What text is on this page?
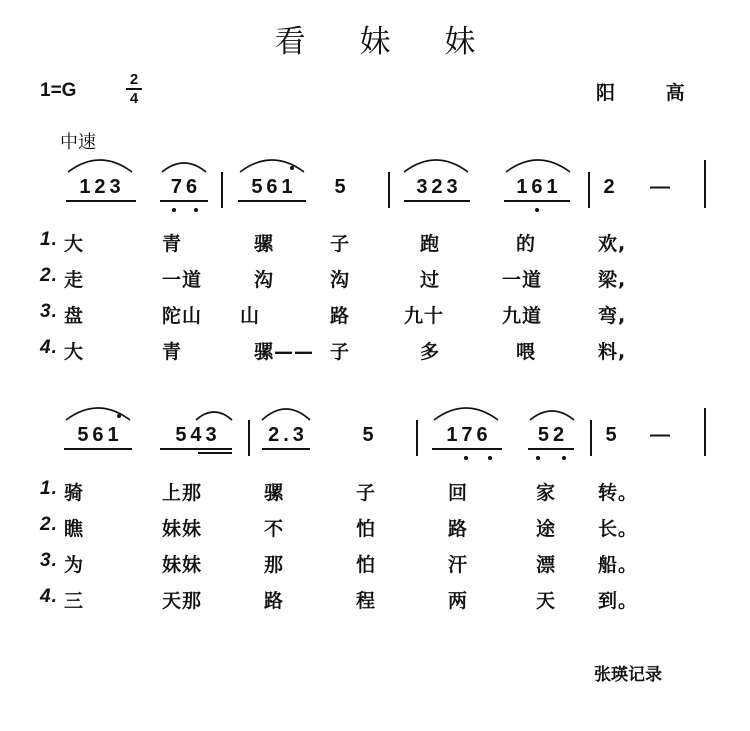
看 妹 妹
1=G
2
4	阳 高
中速
123	76	561	5	323	161	2 —
561	543	2.3	5	176	52	5 —
1. 大	青	骡	子	跑	的	欢,
2. 走	一道	沟	沟	过	一道	梁,
3. 盘	陀山 山	路	九十	九道	弯,
4. 大	青	骡—— 子	多	喂	料,
1. 骑	上那	骡	子	回	家 转。
2. 瞧	妹妹	不	怕	路	途 长。
3. 为	妹妹	那	怕	汗	漂 船。
4. 三	天那	路	程	两	天 到。
张瑛记录
